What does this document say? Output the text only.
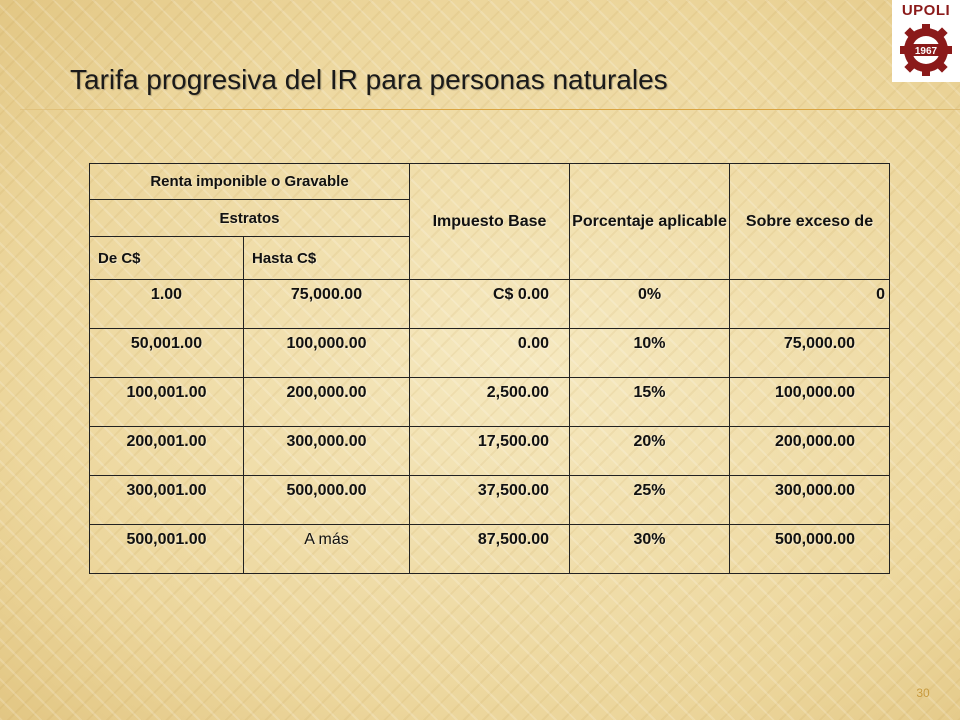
UPOLI
1967
Tarifa progresiva del IR para personas naturales
Renta imponible o Gravable		Impuesto Base	Porcentaje aplicable	Sobre exceso de
Estratos				
De C$	Hasta C$			
1.00	75,000.00	C$ 0.00	0%	0
50,001.00	100,000.00	0.00	10%	75,000.00
100,001.00	200,000.00	2,500.00	15%	100,000.00
200,001.00	300,000.00	17,500.00	20%	200,000.00
300,001.00	500,000.00	37,500.00	25%	300,000.00
500,001.00	A más	87,500.00	30%	500,000.00
30
